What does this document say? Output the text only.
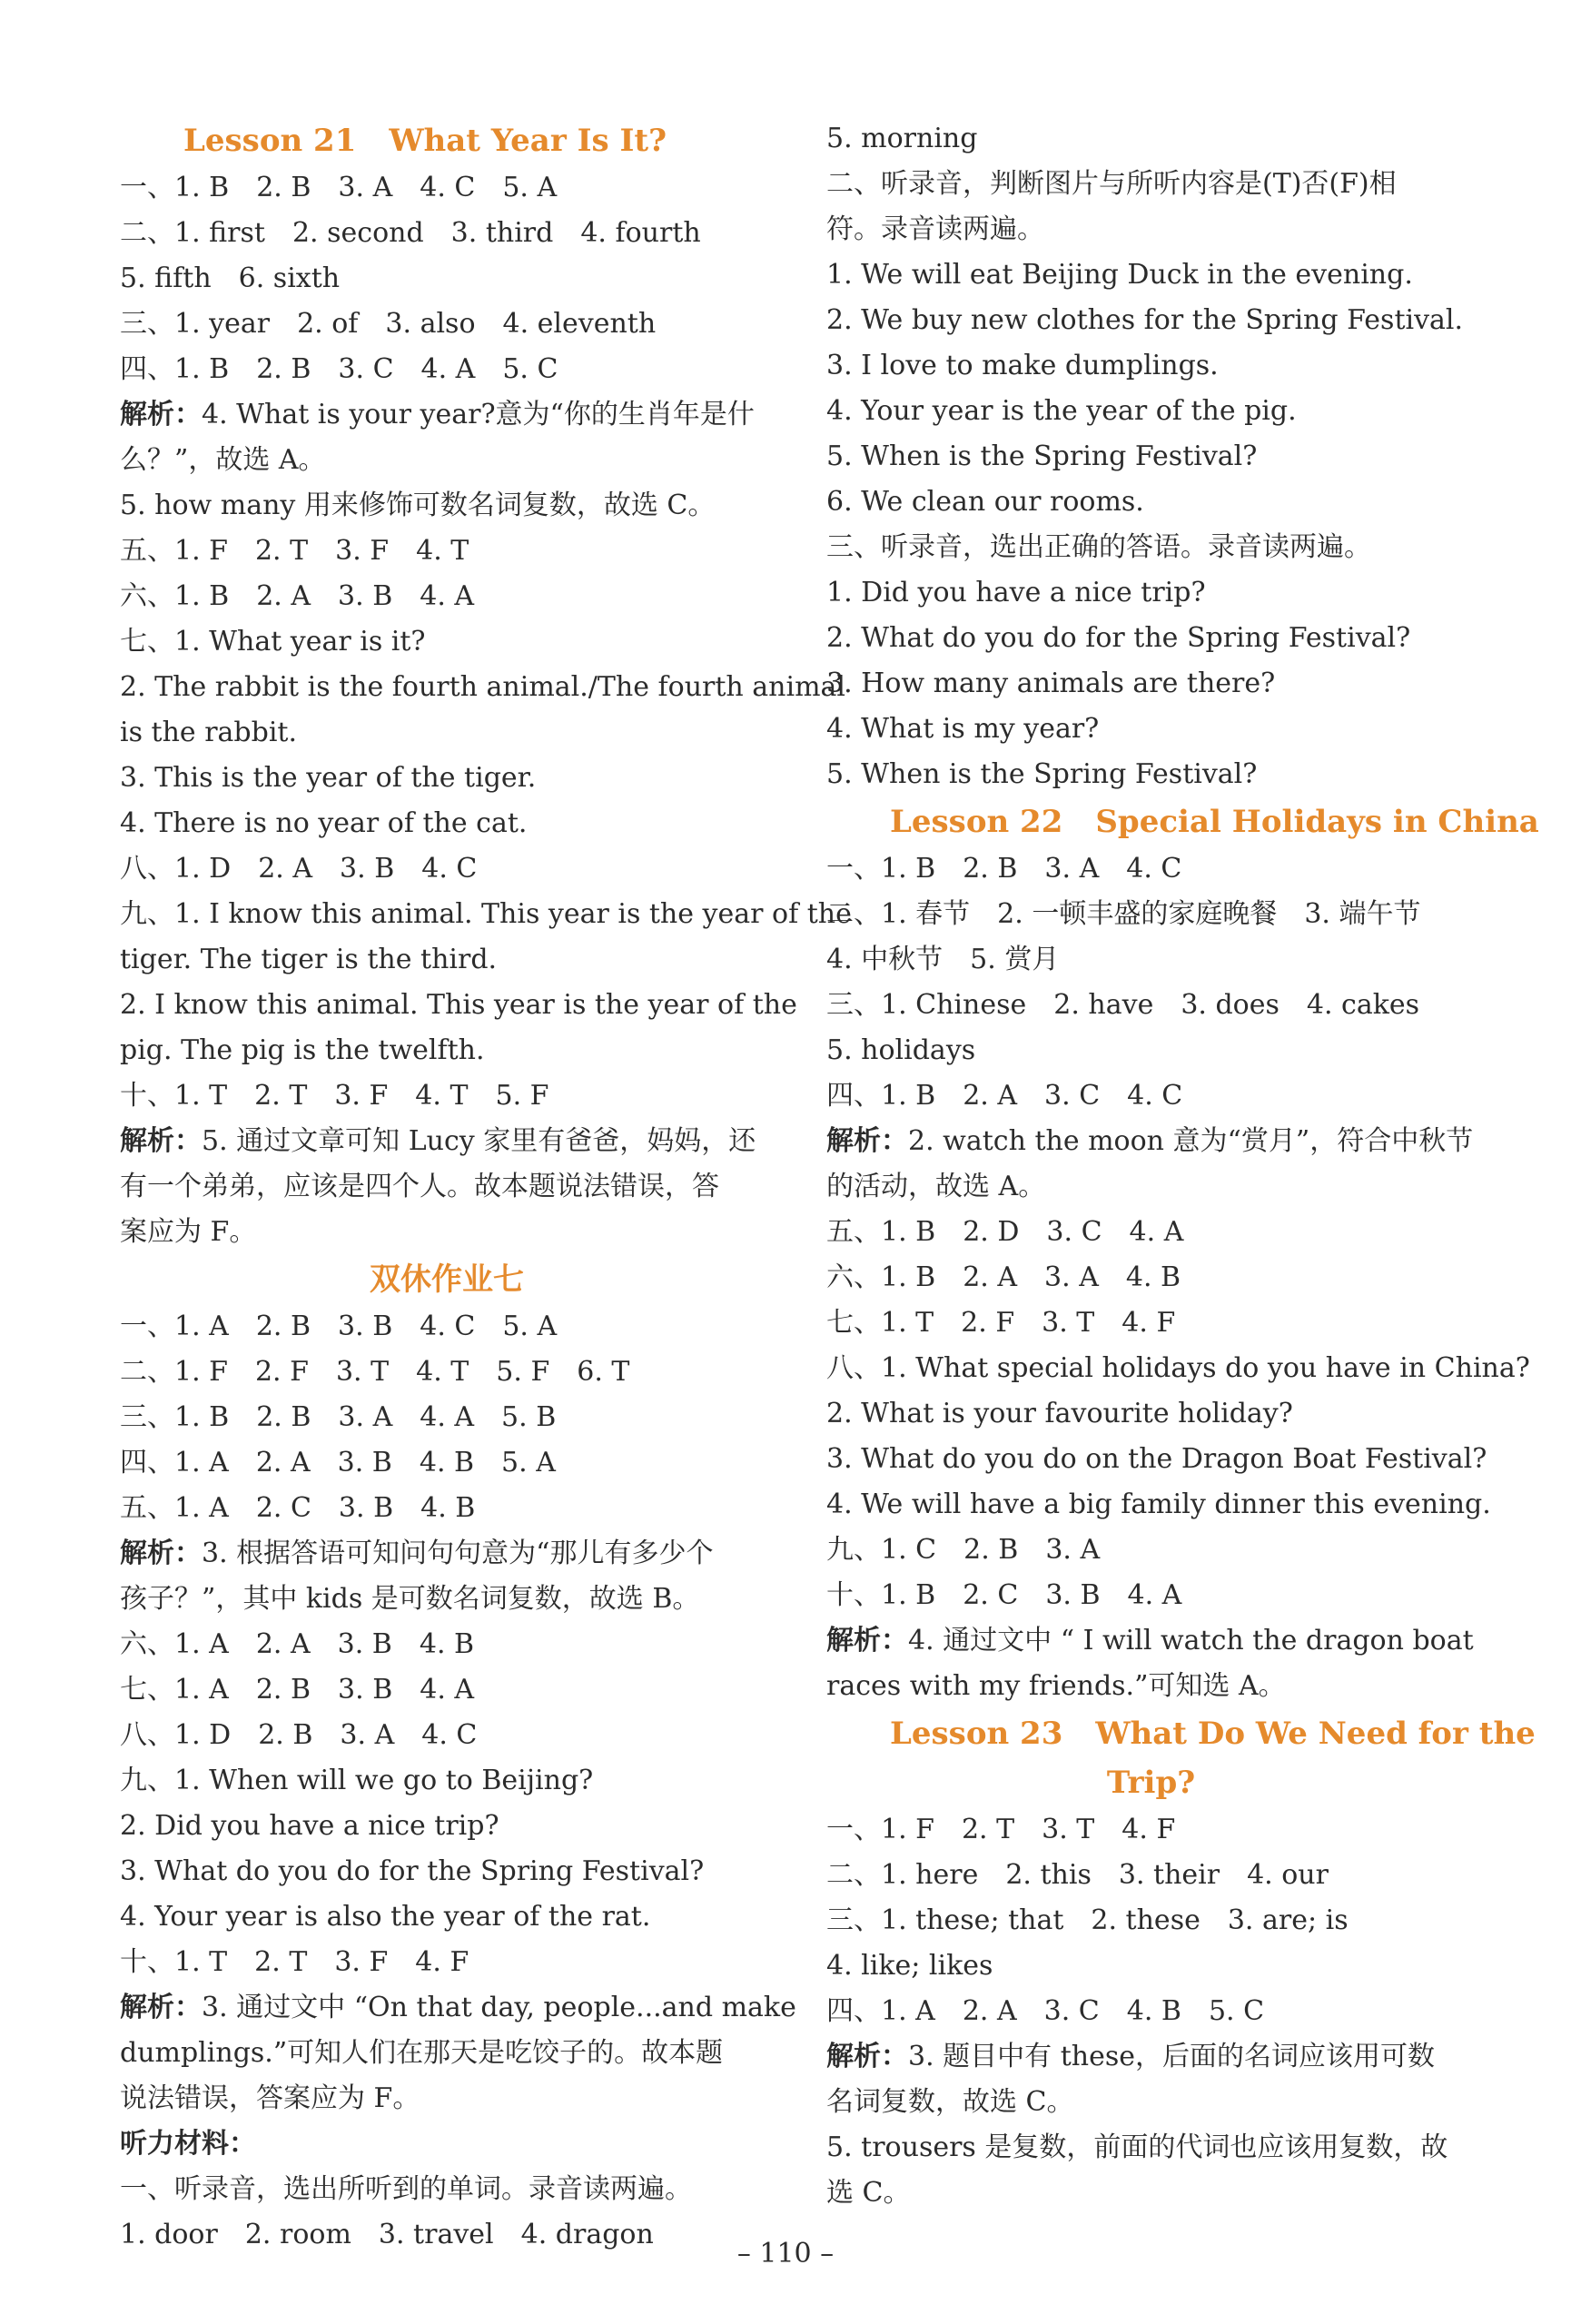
Lesson 21 What Year Is It?
一、1. B　2. B　3. A　4. C　5. A
二、1. first　2. second　3. third　4. fourth
5. fifth　6. sixth
三、1. year　2. of　3. also　4. eleventh
四、1. B　2. B　3. C　4. A　5. C
解析：4. What is your year?意为“你的生肖年是什
么？”，故选 A。
5. how many 用来修饰可数名词复数，故选 C。
五、1. F　2. T　3. F　4. T
六、1. B　2. A　3. B　4. A
七、1. What year is it?
2. The rabbit is the fourth animal./The fourth animal
is the rabbit.
3. This is the year of the tiger.
4. There is no year of the cat.
八、1. D　2. A　3. B　4. C
九、1. I know this animal. This year is the year of the
tiger. The tiger is the third.
2. I know this animal. This year is the year of the
pig. The pig is the twelfth.
十、1. T　2. T　3. F　4. T　5. F
解析：5. 通过文章可知 Lucy 家里有爸爸，妈妈，还
有一个弟弟，应该是四个人。故本题说法错误，答
案应为 F。
双休作业七
一、1. A　2. B　3. B　4. C　5. A
二、1. F　2. F　3. T　4. T　5. F　6. T
三、1. B　2. B　3. A　4. A　5. B
四、1. A　2. A　3. B　4. B　5. A
五、1. A　2. C　3. B　4. B
解析：3. 根据答语可知问句句意为“那儿有多少个
孩子？”，其中 kids 是可数名词复数，故选 B。
六、1. A　2. A　3. B　4. B
七、1. A　2. B　3. B　4. A
八、1. D　2. B　3. A　4. C
九、1. When will we go to Beijing?
2. Did you have a nice trip?
3. What do you do for the Spring Festival?
4. Your year is also the year of the rat.
十、1. T　2. T　3. F　4. F
解析：3. 通过文中 “On that day, people...and make
dumplings.”可知人们在那天是吃饺子的。故本题
说法错误，答案应为 F。
听力材料：
一、听录音，选出所听到的单词。录音读两遍。
1. door　2. room　3. travel　4. dragon
5. morning
二、听录音，判断图片与所听内容是(T)否(F)相
符。录音读两遍。
1. We will eat Beijing Duck in the evening.
2. We buy new clothes for the Spring Festival.
3. I love to make dumplings.
4. Your year is the year of the pig.
5. When is the Spring Festival?
6. We clean our rooms.
三、听录音，选出正确的答语。录音读两遍。
1. Did you have a nice trip?
2. What do you do for the Spring Festival?
3. How many animals are there?
4. What is my year?
5. When is the Spring Festival?
Lesson 22 Special Holidays in China
一、1. B　2. B　3. A　4. C
二、1. 春节　2. 一顿丰盛的家庭晚餐　3. 端午节
4. 中秋节　5. 赏月
三、1. Chinese　2. have　3. does　4. cakes
5. holidays
四、1. B　2. A　3. C　4. C
解析：2. watch the moon 意为“赏月”，符合中秋节
的活动，故选 A。
五、1. B　2. D　3. C　4. A
六、1. B　2. A　3. A　4. B
七、1. T　2. F　3. T　4. F
八、1. What special holidays do you have in China?
2. What is your favourite holiday?
3. What do you do on the Dragon Boat Festival?
4. We will have a big family dinner this evening.
九、1. C　2. B　3. A
十、1. B　2. C　3. B　4. A
解析：4. 通过文中 “ I will watch the dragon boat
races with my friends.”可知选 A。
Lesson 23 What Do We Need for the
Trip?
一、1. F　2. T　3. T　4. F
二、1. here　2. this　3. their　4. our
三、1. these; that　2. these　3. are; is
4. like; likes
四、1. A　2. A　3. C　4. B　5. C
解析：3. 题目中有 these，后面的名词应该用可数
名词复数，故选 C。
5. trousers 是复数，前面的代词也应该用复数，故
选 C。
– 110 –
